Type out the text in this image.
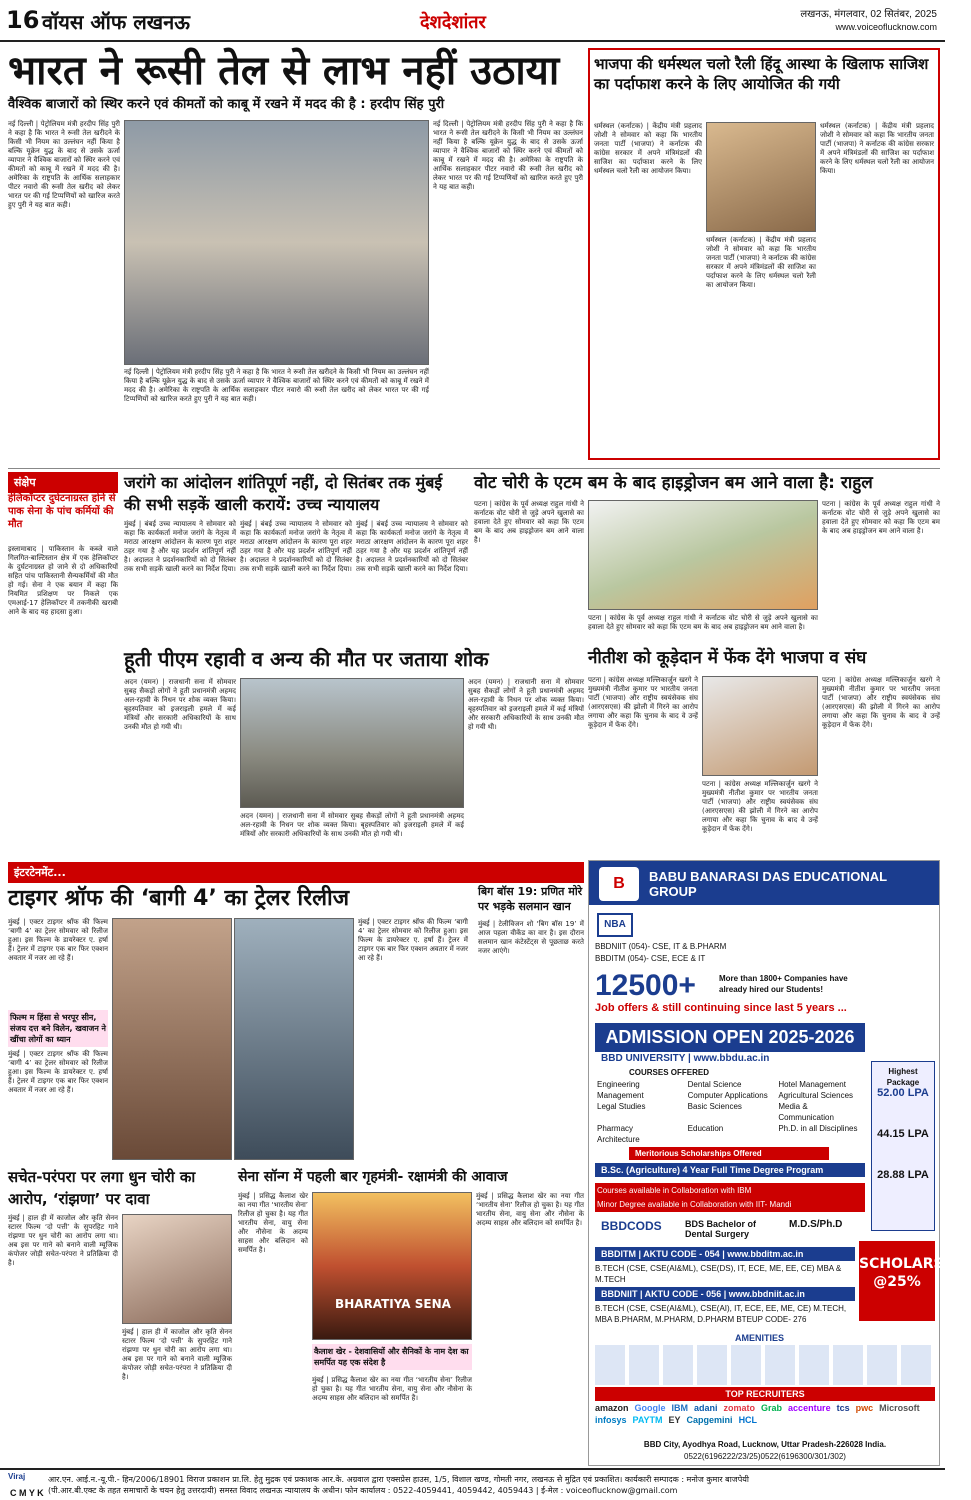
16 वॉयस ऑफ लखनऊ	देशदेशांतर	लखनऊ, मंगलवार, 02 सितंबर, 2025
www.voiceoflucknow.com
भारत ने रूसी तेल से लाभ नहीं उठाया
वैश्विक बाजारों को स्थिर करने एवं कीमतों को काबू में रखने में मदद की है : हरदीप सिंह पुरी
नई दिल्ली | पेट्रोलियम मंत्री हरदीप सिंह पुरी ने कहा है कि भारत ने रूसी तेल खरीदने के किसी भी नियम का उल्लंघन नहीं किया है बल्कि यूक्रेन युद्ध के बाद से उसके ऊर्जा व्यापार ने वैश्विक बाजारों को स्थिर करने एवं कीमतों को काबू में रखने में मदद की है। अमेरिका के राष्ट्रपति के आर्थिक सलाहकार पीटर नवारो की रूसी तेल खरीद को लेकर भारत पर की गई टिप्पणियों को खारिज करते हुए पुरी ने यह बात कही।
नई दिल्ली | पेट्रोलियम मंत्री हरदीप सिंह पुरी ने कहा है कि भारत ने रूसी तेल खरीदने के किसी भी नियम का उल्लंघन नहीं किया है बल्कि यूक्रेन युद्ध के बाद से उसके ऊर्जा व्यापार ने वैश्विक बाजारों को स्थिर करने एवं कीमतों को काबू में रखने में मदद की है। अमेरिका के राष्ट्रपति के आर्थिक सलाहकार पीटर नवारो की रूसी तेल खरीद को लेकर भारत पर की गई टिप्पणियों को खारिज करते हुए पुरी ने यह बात कही।
नई दिल्ली | पेट्रोलियम मंत्री हरदीप सिंह पुरी ने कहा है कि भारत ने रूसी तेल खरीदने के किसी भी नियम का उल्लंघन नहीं किया है बल्कि यूक्रेन युद्ध के बाद से उसके ऊर्जा व्यापार ने वैश्विक बाजारों को स्थिर करने एवं कीमतों को काबू में रखने में मदद की है। अमेरिका के राष्ट्रपति के आर्थिक सलाहकार पीटर नवारो की रूसी तेल खरीद को लेकर भारत पर की गई टिप्पणियों को खारिज करते हुए पुरी ने यह बात कही।
भाजपा की धर्मस्थल चलो रैली हिंदू आस्था के खिलाफ साजिश का पर्दाफाश करने के लिए आयोजित की गयी
धर्मस्थल (कर्नाटक) | केंद्रीय मंत्री प्रहलाद जोशी ने सोमवार को कहा कि भारतीय जनता पार्टी (भाजपा) ने कर्नाटक की कांग्रेस सरकार में अपने मंत्रिमंडलों की साजिश का पर्दाफाश करने के लिए धर्मस्थल चलो रैली का आयोजन किया।
धर्मस्थल (कर्नाटक) | केंद्रीय मंत्री प्रहलाद जोशी ने सोमवार को कहा कि भारतीय जनता पार्टी (भाजपा) ने कर्नाटक की कांग्रेस सरकार में अपने मंत्रिमंडलों की साजिश का पर्दाफाश करने के लिए धर्मस्थल चलो रैली का आयोजन किया।
धर्मस्थल (कर्नाटक) | केंद्रीय मंत्री प्रहलाद जोशी ने सोमवार को कहा कि भारतीय जनता पार्टी (भाजपा) ने कर्नाटक की कांग्रेस सरकार में अपने मंत्रिमंडलों की साजिश का पर्दाफाश करने के लिए धर्मस्थल चलो रैली का आयोजन किया।
संक्षेप
हेलिकॉप्टर दुर्घटनाग्रस्त होने से पाक सेना के पांच कर्मियों की मौत
इस्लामाबाद | पाकिस्तान के कब्जे वाले गिलगित-बाल्टिस्तान क्षेत्र में एक हेलिकॉप्टर के दुर्घटनाग्रस्त हो जाने से दो अधिकारियों सहित पांच पाकिस्तानी सैन्यकर्मियों की मौत हो गई। सेना ने एक बयान में कहा कि नियमित प्रशिक्षण पर निकले एक एमआई-17 हेलिकॉप्टर में तकनीकी खराबी आने के बाद यह हादसा हुआ।
जरांगे का आंदोलन शांतिपूर्ण नहीं, दो सितंबर तक मुंबई की सभी सड़कें खाली करायें: उच्च न्यायालय
मुंबई | बंबई उच्च न्यायालय ने सोमवार को कहा कि कार्यकर्ता मनोज जरांगे के नेतृत्व में मराठा आरक्षण आंदोलन के कारण पूरा शहर ठहर गया है और यह प्रदर्शन शांतिपूर्ण नहीं है। अदालत ने प्रदर्शनकारियों को दो सितंबर तक सभी सड़कें खाली करने का निर्देश दिया।
मुंबई | बंबई उच्च न्यायालय ने सोमवार को कहा कि कार्यकर्ता मनोज जरांगे के नेतृत्व में मराठा आरक्षण आंदोलन के कारण पूरा शहर ठहर गया है और यह प्रदर्शन शांतिपूर्ण नहीं है। अदालत ने प्रदर्शनकारियों को दो सितंबर तक सभी सड़कें खाली करने का निर्देश दिया।
मुंबई | बंबई उच्च न्यायालय ने सोमवार को कहा कि कार्यकर्ता मनोज जरांगे के नेतृत्व में मराठा आरक्षण आंदोलन के कारण पूरा शहर ठहर गया है और यह प्रदर्शन शांतिपूर्ण नहीं है। अदालत ने प्रदर्शनकारियों को दो सितंबर तक सभी सड़कें खाली करने का निर्देश दिया।
वोट चोरी के एटम बम के बाद हाइड्रोजन बम आने वाला है: राहुल
पटना | कांग्रेस के पूर्व अध्यक्ष राहुल गांधी ने कर्नाटक वोट चोरी से जुड़े अपने खुलासे का हवाला देते हुए सोमवार को कहा कि एटम बम के बाद अब हाइड्रोजन बम आने वाला है।
पटना | कांग्रेस के पूर्व अध्यक्ष राहुल गांधी ने कर्नाटक वोट चोरी से जुड़े अपने खुलासे का हवाला देते हुए सोमवार को कहा कि एटम बम के बाद अब हाइड्रोजन बम आने वाला है।
पटना | कांग्रेस के पूर्व अध्यक्ष राहुल गांधी ने कर्नाटक वोट चोरी से जुड़े अपने खुलासे का हवाला देते हुए सोमवार को कहा कि एटम बम के बाद अब हाइड्रोजन बम आने वाला है।
हूती पीएम रहावी व अन्य की मौत पर जताया शोक
अदन (यमन) | राजधानी सना में सोमवार सुबह सैकड़ों लोगों ने हूती प्रधानमंत्री अहमद अल-रहावी के निधन पर शोक व्यक्त किया। बृहस्पतिवार को इजराइली हमले में कई मंत्रियों और सरकारी अधिकारियों के साथ उनकी मौत हो गयी थी।
अदन (यमन) | राजधानी सना में सोमवार सुबह सैकड़ों लोगों ने हूती प्रधानमंत्री अहमद अल-रहावी के निधन पर शोक व्यक्त किया। बृहस्पतिवार को इजराइली हमले में कई मंत्रियों और सरकारी अधिकारियों के साथ उनकी मौत हो गयी थी।
अदन (यमन) | राजधानी सना में सोमवार सुबह सैकड़ों लोगों ने हूती प्रधानमंत्री अहमद अल-रहावी के निधन पर शोक व्यक्त किया। बृहस्पतिवार को इजराइली हमले में कई मंत्रियों और सरकारी अधिकारियों के साथ उनकी मौत हो गयी थी।
नीतीश को कूड़ेदान में फेंक देंगे भाजपा व संघ
पटना | कांग्रेस अध्यक्ष मल्लिकार्जुन खरगे ने मुख्यमंत्री नीतीश कुमार पर भारतीय जनता पार्टी (भाजपा) और राष्ट्रीय स्वयंसेवक संघ (आरएसएस) की झोली में गिरने का आरोप लगाया और कहा कि चुनाव के बाद वे उन्हें कूड़ेदान में फेंक देंगे।
पटना | कांग्रेस अध्यक्ष मल्लिकार्जुन खरगे ने मुख्यमंत्री नीतीश कुमार पर भारतीय जनता पार्टी (भाजपा) और राष्ट्रीय स्वयंसेवक संघ (आरएसएस) की झोली में गिरने का आरोप लगाया और कहा कि चुनाव के बाद वे उन्हें कूड़ेदान में फेंक देंगे।
पटना | कांग्रेस अध्यक्ष मल्लिकार्जुन खरगे ने मुख्यमंत्री नीतीश कुमार पर भारतीय जनता पार्टी (भाजपा) और राष्ट्रीय स्वयंसेवक संघ (आरएसएस) की झोली में गिरने का आरोप लगाया और कहा कि चुनाव के बाद वे उन्हें कूड़ेदान में फेंक देंगे।
इंटरटेनमेंट...
टाइगर श्रॉफ की ‘बागी 4’ का ट्रेलर रिलीज
मुंबई | एक्टर टाइगर श्रॉफ की फिल्म ‘बागी 4’ का ट्रेलर सोमवार को रिलीज हुआ। इस फिल्म के डायरेक्टर ए. हर्षा हैं। ट्रेलर में टाइगर एक बार फिर एक्शन अवतार में नजर आ रहे हैं।
फिल्म म हिंसा से भरपूर सीन, संजय दत्त बने विलेन, खवाजन ने खींचा लोगों का ध्यान
मुंबई | एक्टर टाइगर श्रॉफ की फिल्म ‘बागी 4’ का ट्रेलर सोमवार को रिलीज हुआ। इस फिल्म के डायरेक्टर ए. हर्षा हैं। ट्रेलर में टाइगर एक बार फिर एक्शन अवतार में नजर आ रहे हैं।
मुंबई | एक्टर टाइगर श्रॉफ की फिल्म ‘बागी 4’ का ट्रेलर सोमवार को रिलीज हुआ। इस फिल्म के डायरेक्टर ए. हर्षा हैं। ट्रेलर में टाइगर एक बार फिर एक्शन अवतार में नजर आ रहे हैं।
बिग बॉस 19: प्रणित मोरे पर भड़के सलमान खान
मुंबई | टेलीविजन शो ‘बिग बॉस 19’ में आज पहला वीकेंड का वार है। इस दौरान सलमान खान कंटेस्टेंट्स से पूछताछ करते नजर आएंगे।
सचेत-परंपरा पर लगा धुन चोरी का आरोप, ‘रांझणा’ पर दावा
मुंबई | हाल ही में काजोल और कृति सेनन स्टारर फिल्म ‘दो पत्ती’ के सुपरहिट गाने रांझणा पर धुन चोरी का आरोप लगा था। अब इस पर गाने को बनाने वाली म्यूजिक कंपोजर जोड़ी सचेत-परंपरा ने प्रतिक्रिया दी है।
मुंबई | हाल ही में काजोल और कृति सेनन स्टारर फिल्म ‘दो पत्ती’ के सुपरहिट गाने रांझणा पर धुन चोरी का आरोप लगा था। अब इस पर गाने को बनाने वाली म्यूजिक कंपोजर जोड़ी सचेत-परंपरा ने प्रतिक्रिया दी है।
सेना सॉन्ग में पहली बार गृहमंत्री- रक्षामंत्री की आवाज
मुंबई | प्रसिद्ध कैलाश खेर का नया गीत ‘भारतीय सेना’ रिलीज हो चुका है। यह गीत भारतीय सेना, वायु सेना और नौसेना के अदम्य साहस और बलिदान को समर्पित है।
BHARATIYA SENA
कैलाश खेर - देशवासियों और सैनिकों के नाम देश का समर्पित यह एक संदेश है
मुंबई | प्रसिद्ध कैलाश खेर का नया गीत ‘भारतीय सेना’ रिलीज हो चुका है। यह गीत भारतीय सेना, वायु सेना और नौसेना के अदम्य साहस और बलिदान को समर्पित है।
मुंबई | प्रसिद्ध कैलाश खेर का नया गीत ‘भारतीय सेना’ रिलीज हो चुका है। यह गीत भारतीय सेना, वायु सेना और नौसेना के अदम्य साहस और बलिदान को समर्पित है।
B	BABU BANARASI DAS EDUCATIONAL GROUP
NBA
BBDNIIT (054)- CSE, IT & B.PHARM
BBDITM (054)- CSE, ECE & IT
12500+	More than 1800+ Companies have already hired our Students!
Job offers & still continuing since last 5 years ...
ADMISSION OPEN 2025-2026
BBD UNIVERSITY | www.bbdu.ac.in
COURSES OFFERED
Engineering	Dental Science	Hotel Management
Management	Computer Applications	Agricultural Sciences
Legal Studies	Basic Sciences	Media & Communication
Pharmacy	Education	Ph.D. in all Disciplines
Architecture
Meritorious Scholarships Offered
B.Sc. (Agriculture) 4 Year Full Time Degree Program
Courses available in Collaboration with IBM
Minor Degree available in Collaboration with IIT- Mandi
Highest Package
52.00 LPA
44.15 LPA
28.88 LPA
BBDCODS	BDS Bachelor of Dental Surgery
M.D.S/Ph.D
BBDITM | AKTU CODE - 054 | www.bbditm.ac.in
B.TECH (CSE, CSE(AI&ML), CSE(DS), IT, ECE, ME, EE, CE) MBA & M.TECH
BBDNIIT | AKTU CODE - 056 | www.bbdniit.ac.in
B.TECH (CSE, CSE(AI&ML), CSE(AI), IT, ECE, EE, ME, CE) M.TECH, MBA B.PHARM, M.PHARM, D.PHARM BTEUP CODE- 276
SCHOLARSHIP @25%
AMENITIES
TOP RECRUITERS
amazon Google IBM adani zomato Grab accenture tcs pwc Microsoft
infosys PAYTM EY Capgemini HCL
BBD City, Ayodhya Road, Lucknow, Uttar Pradesh-226028 India.
0522(6196222/23/25)0522(6196300/301/302)
आर.एन. आई.न.-यू.पी.- हिन/2006/18901 विराज प्रकाशन प्रा.लि. हेतु मुद्रक एवं प्रकाशक आर.के. अग्रवाल द्वारा एक्सप्रेस हाउस, 1/5, विशाल खण्ड, गोमती नगर, लखनऊ से मुद्रित एवं प्रकाशित। कार्यकारी सम्पादक : मनोज कुमार बाजपेयी
(पी.आर.बी.एक्ट के तहत समाचारों के चयन हेतु उत्तरदायी) समस्त विवाद लखनऊ न्यायालय के अधीन। फोन कार्यालय : 0522-4059441, 4059442, 4059443 | ई-मेल : voiceoflucknow@gmail.com
Viraj
C M Y K
